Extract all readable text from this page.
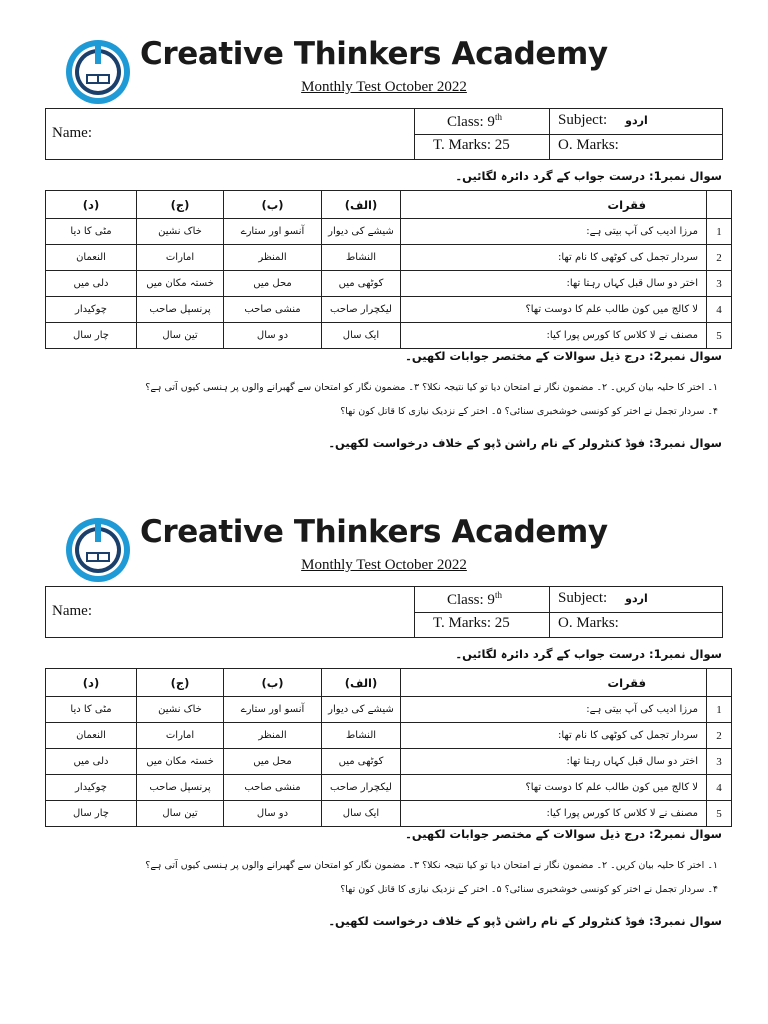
Creative Thinkers Academy
Monthly Test October 2022
Name:
Class: 9th	Subject: اردو
T. Marks: 25	O. Marks:
سوال نمبر1: درست جواب کے گرد دائرہ لگائیں۔
(د)	(ج)	(ب)	(الف)	فقرات	
مٹی کا دیا	خاک نشین	آنسو اور ستارے	شیشے کی دیوار	مرزا ادیب کی آپ بیتی ہے:	1
النعمان	امارات	المنظر	النشاط	سردار تجمل کی کوٹھی کا نام تھا:	2
دلی میں	خستہ مکان میں	محل میں	کوٹھی میں	اختر دو سال قبل کہاں رہتا تھا:	3
چوکیدار	پرنسپل صاحب	منشی صاحب	لیکچرار صاحب	لا کالج میں کون طالب علم کا دوست تھا؟	4
چار سال	تین سال	دو سال	ایک سال	مصنف نے لا کلاس کا کورس پورا کیا:	5
سوال نمبر2: درج ذیل سوالات کے مختصر جوابات لکھیں۔
۱۔ اختر کا حلیہ بیان کریں۔ ۲۔ مضمون نگار نے امتحان دیا تو کیا نتیجہ نکلا؟ ۳۔ مضمون نگار کو امتحان سے گھبرانے والوں پر ہنسی کیوں آتی ہے؟
۴۔ سردار تجمل نے اختر کو کونسی خوشخبری سنائی؟ ۵۔ اختر کے نزدیک نیازی کا قاتل کون تھا؟
سوال نمبر3: فوڈ کنٹرولر کے نام راشن ڈپو کے خلاف درخواست لکھیں۔
Creative Thinkers Academy
Monthly Test October 2022
Name:
Class: 9th	Subject: اردو
T. Marks: 25	O. Marks:
سوال نمبر1: درست جواب کے گرد دائرہ لگائیں۔
(د)	(ج)	(ب)	(الف)	فقرات	
مٹی کا دیا	خاک نشین	آنسو اور ستارے	شیشے کی دیوار	مرزا ادیب کی آپ بیتی ہے:	1
النعمان	امارات	المنظر	النشاط	سردار تجمل کی کوٹھی کا نام تھا:	2
دلی میں	خستہ مکان میں	محل میں	کوٹھی میں	اختر دو سال قبل کہاں رہتا تھا:	3
چوکیدار	پرنسپل صاحب	منشی صاحب	لیکچرار صاحب	لا کالج میں کون طالب علم کا دوست تھا؟	4
چار سال	تین سال	دو سال	ایک سال	مصنف نے لا کلاس کا کورس پورا کیا:	5
سوال نمبر2: درج ذیل سوالات کے مختصر جوابات لکھیں۔
۱۔ اختر کا حلیہ بیان کریں۔ ۲۔ مضمون نگار نے امتحان دیا تو کیا نتیجہ نکلا؟ ۳۔ مضمون نگار کو امتحان سے گھبرانے والوں پر ہنسی کیوں آتی ہے؟
۴۔ سردار تجمل نے اختر کو کونسی خوشخبری سنائی؟ ۵۔ اختر کے نزدیک نیازی کا قاتل کون تھا؟
سوال نمبر3: فوڈ کنٹرولر کے نام راشن ڈپو کے خلاف درخواست لکھیں۔
